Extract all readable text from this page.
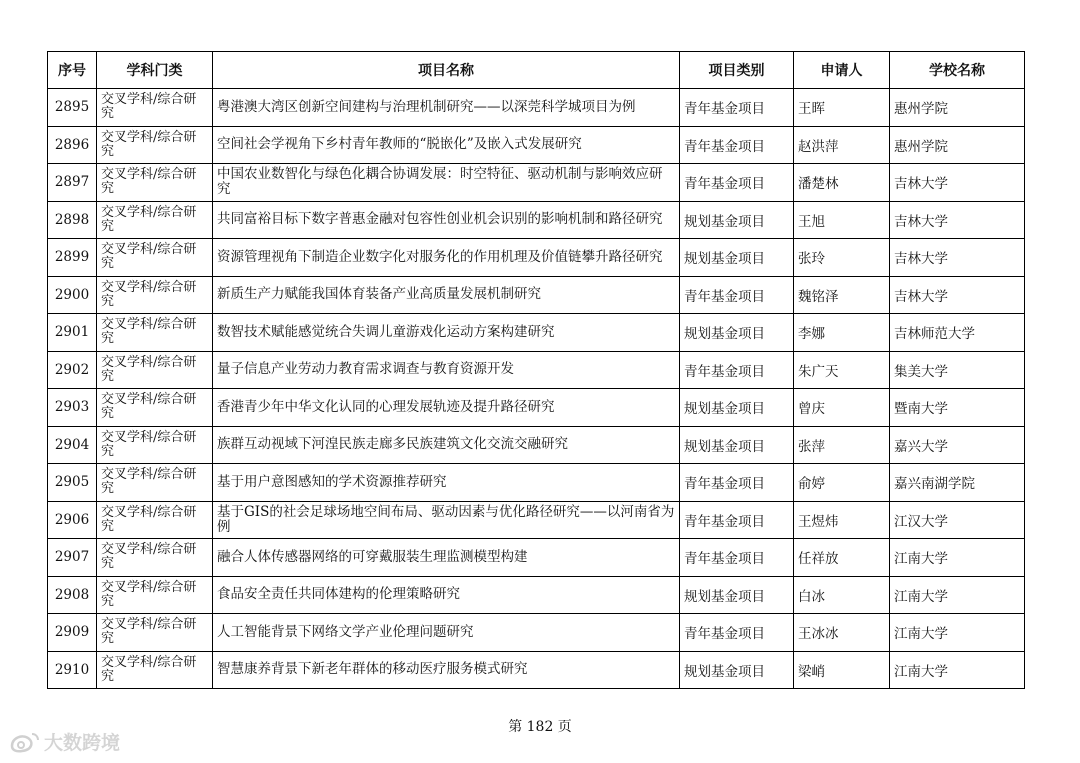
序号	学科门类	项目名称	项目类别	申请人	学校名称
2895	交叉学科/综合研究	粤港澳大湾区创新空间建构与治理机制研究——以深莞科学城项目为例	青年基金项目	王晖	惠州学院
2896	交叉学科/综合研究	空间社会学视角下乡村青年教师的“脱嵌化”及嵌入式发展研究	青年基金项目	赵洪萍	惠州学院
2897	交叉学科/综合研究	中国农业数智化与绿色化耦合协调发展：时空特征、驱动机制与影响效应研究	青年基金项目	潘楚林	吉林大学
2898	交叉学科/综合研究	共同富裕目标下数字普惠金融对包容性创业机会识别的影响机制和路径研究	规划基金项目	王旭	吉林大学
2899	交叉学科/综合研究	资源管理视角下制造企业数字化对服务化的作用机理及价值链攀升路径研究	规划基金项目	张玲	吉林大学
2900	交叉学科/综合研究	新质生产力赋能我国体育装备产业高质量发展机制研究	青年基金项目	魏铭泽	吉林大学
2901	交叉学科/综合研究	数智技术赋能感觉统合失调儿童游戏化运动方案构建研究	规划基金项目	李娜	吉林师范大学
2902	交叉学科/综合研究	量子信息产业劳动力教育需求调查与教育资源开发	青年基金项目	朱广天	集美大学
2903	交叉学科/综合研究	香港青少年中华文化认同的心理发展轨迹及提升路径研究	规划基金项目	曾庆	暨南大学
2904	交叉学科/综合研究	族群互动视域下河湟民族走廊多民族建筑文化交流交融研究	规划基金项目	张萍	嘉兴大学
2905	交叉学科/综合研究	基于用户意图感知的学术资源推荐研究	青年基金项目	俞婷	嘉兴南湖学院
2906	交叉学科/综合研究	基于GIS的社会足球场地空间布局、驱动因素与优化路径研究——以河南省为例	青年基金项目	王煜炜	江汉大学
2907	交叉学科/综合研究	融合人体传感器网络的可穿戴服装生理监测模型构建	青年基金项目	任祥放	江南大学
2908	交叉学科/综合研究	食品安全责任共同体建构的伦理策略研究	规划基金项目	白冰	江南大学
2909	交叉学科/综合研究	人工智能背景下网络文学产业伦理问题研究	青年基金项目	王冰冰	江南大学
2910	交叉学科/综合研究	智慧康养背景下新老年群体的移动医疗服务模式研究	规划基金项目	梁峭	江南大学
第 182 页
大数跨境
